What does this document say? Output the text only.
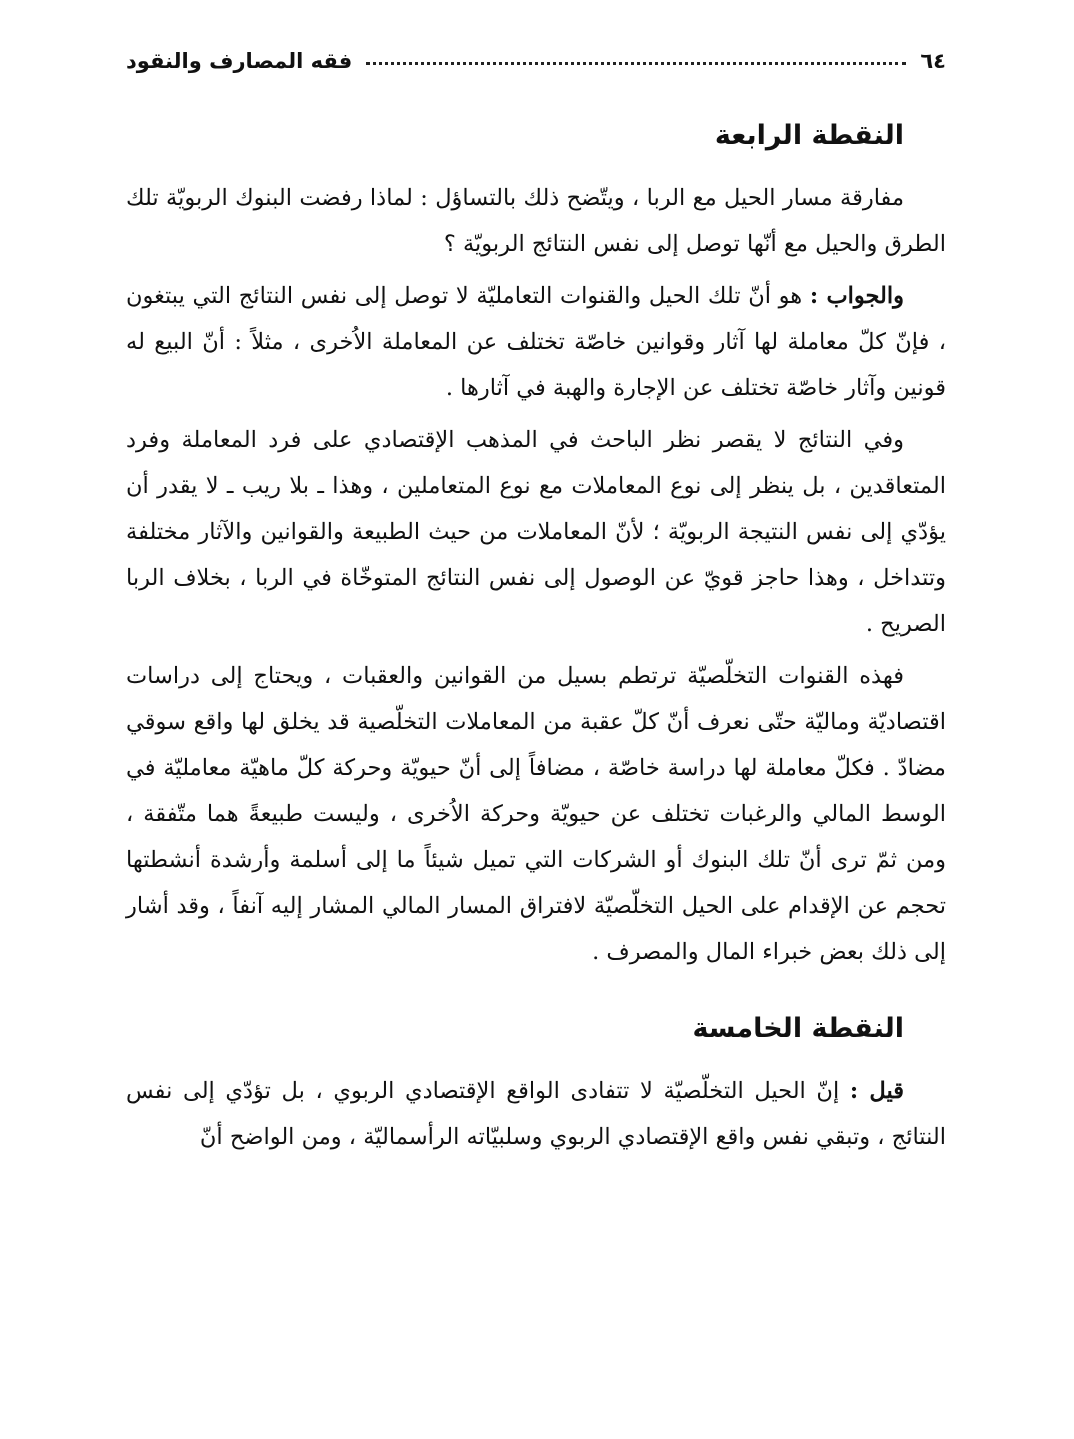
٦٤
فقه المصارف والنقود
النقطة الرابعة

مفارقة مسار الحيل مع الربا ، ويتّضح ذلك بالتساؤل : لماذا رفضت البنوك الربويّة تلك الطرق والحيل مع أنّها توصل إلى نفس النتائج الربويّة ؟

والجواب : هو أنّ تلك الحيل والقنوات التعامليّة لا توصل إلى نفس النتائج التي يبتغون ، فإنّ كلّ معاملة لها آثار وقوانين خاصّة تختلف عن المعاملة الاُخرى ، مثلاً : أنّ البيع له قونين وآثار خاصّة تختلف عن الإجارة والهبة في آثارها .

وفي النتائج لا يقصر نظر الباحث في المذهب الإقتصادي على فرد المعاملة وفرد المتعاقدين ، بل ينظر إلى نوع المعاملات مع نوع المتعاملين ، وهذا ـ بلا ريب ـ لا يقدر أن يؤدّي إلى نفس النتيجة الربويّة ؛ لأنّ المعاملات من حيث الطبيعة والقوانين والآثار مختلفة وتتداخل ، وهذا حاجز قويّ عن الوصول إلى نفس النتائج المتوخّاة في الربا ، بخلاف الربا الصريح .

فهذه القنوات التخلّصيّة ترتطم بسيل من القوانين والعقبات ، ويحتاج إلى دراسات اقتصاديّة وماليّة حتّى نعرف أنّ كلّ عقبة من المعاملات التخلّصية قد يخلق لها واقع سوقي مضادّ . فكلّ معاملة لها دراسة خاصّة ، مضافاً إلى أنّ حيويّة وحركة كلّ ماهيّة معامليّة في الوسط المالي والرغبات تختلف عن حيويّة وحركة الاُخرى ، وليست طبيعةً هما متّفقة ، ومن ثمّ ترى أنّ تلك البنوك أو الشركات التي تميل شيئاً ما إلى أسلمة وأرشدة أنشطتها تحجم عن الإقدام على الحيل التخلّصيّة لافتراق المسار المالي المشار إليه آنفاً ، وقد أشار إلى ذلك بعض خبراء المال والمصرف .

النقطة الخامسة

قيل : إنّ الحيل التخلّصيّة لا تتفادى الواقع الإقتصادي الربوي ، بل تؤدّي إلى نفس النتائج ، وتبقي نفس واقع الإقتصادي الربوي وسلبيّاته الرأسماليّة ، ومن الواضح أنّ
